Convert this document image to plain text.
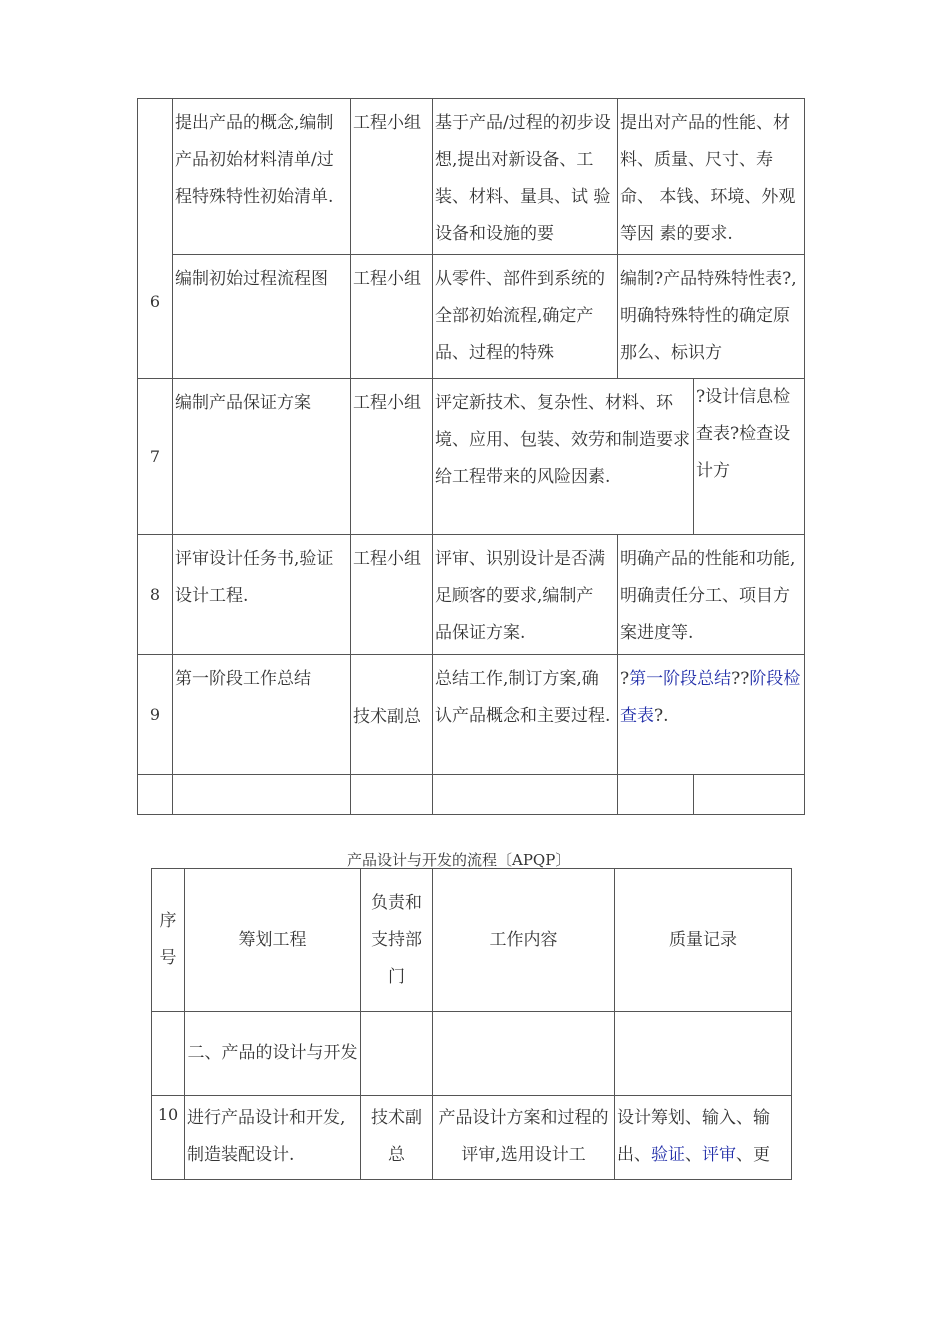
6	提出产品的概念,编制产品初始材料清单/过程特殊特性初始清单.	工程小组	基于产品/过程的初步设想,提出对新设备、工装、材料、量具、试 验设备和设施的要	提出对产品的性能、材 料、质量、尺寸、寿命、 本钱、环境、外观等因 素的要求.	

	编制初始过程流程图	工程小组	从零件、部件到系统的 全部初始流程,确定产 品、过程的特殊	编制?产品特殊特性表?,明确特殊特性的确定原那么、标识方	

7	编制产品保证方案	工程小组	评定新技术、复杂性、材料、环境、应用、包装、效劳和制造要求给工程带来的风险因素.		?设计信息检查表?检查设计方

8	评审设计任务书,验证设计工程.	工程小组	评审、识别设计是否满 足顾客的要求,编制产 品保证方案.	明确产品的性能和功能,明确责任分工、项目方案进度等.	
9	第一阶段工作总结	技术副总	总结工作,制订方案,确认产品概念和主要过程.	?第一阶段总结??阶段检查表?.	

产品设计与开发的流程〔APQP〕
序号	筹划工程	负责和支持部门	工作内容	质量记录
	二、产品的设计与开发			
10	进行产品设计和开发,制造装配设计.	技术副总	产品设计方案和过程的评审,选用设计工	设计筹划、输入、输出、验证、评审、更
